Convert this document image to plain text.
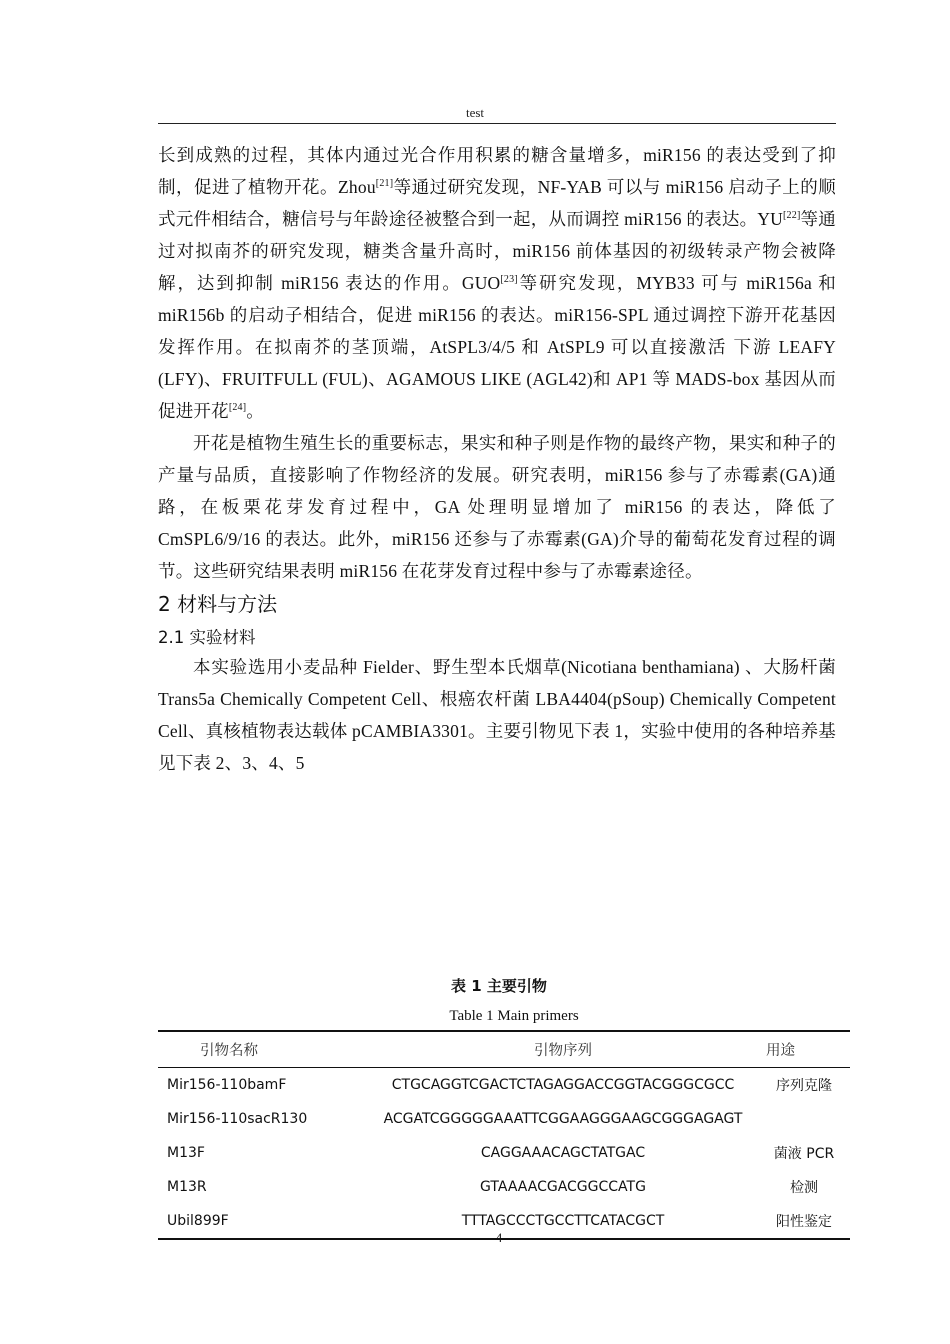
test
长到成熟的过程，其体内通过光合作用积累的糖含量增多，miR156 的表达受到了抑制，促进了植物开花。Zhou[21]等通过研究发现，NF-YAB 可以与 miR156 启动子上的顺式元件相结合，糖信号与年龄途径被整合到一起，从而调控 miR156 的表达。YU[22]等通过对拟南芥的研究发现，糖类含量升高时，miR156 前体基因的初级转录产物会被降解，达到抑制 miR156 表达的作用。GUO[23]等研究发现，MYB33 可与 miR156a 和 miR156b 的启动子相结合，促进 miR156 的表达。miR156-SPL 通过调控下游开花基因发挥作用。在拟南芥的茎顶端，AtSPL3/4/5 和 AtSPL9 可以直接激活 下游 LEAFY (LFY)、FRUITFULL (FUL)、AGAMOUS LIKE (AGL42)和 AP1 等 MADS-box 基因从而促进开花[24]。
开花是植物生殖生长的重要标志，果实和种子则是作物的最终产物，果实和种子的产量与品质，直接影响了作物经济的发展。研究表明，miR156 参与了赤霉素(GA)通路，在板栗花芽发育过程中，GA 处理明显增加了 miR156 的表达，降低了 CmSPL6/9/16 的表达。此外，miR156 还参与了赤霉素(GA)介导的葡萄花发育过程的调节。这些研究结果表明 miR156 在花芽发育过程中参与了赤霉素途径。
2 材料与方法
2.1 实验材料
本实验选用小麦品种 Fielder、野生型本氏烟草(Nicotiana benthamiana) 、大肠杆菌 Trans5a Chemically Competent Cell、根癌农杆菌 LBA4404(pSoup) Chemically Competent Cell、真核植物表达载体 pCAMBIA3301。主要引物见下表 1，实验中使用的各种培养基见下表 2、3、4、5
表 1 主要引物
Table 1 Main primers
引物名称	引物序列	用途
Mir156-110bamF	CTGCAGGTCGACTCTAGAGGACCGGTACGGGCGCC	序列克隆
Mir156-110sacR130	ACGATCGGGGGAAATTCGGAAGGGAAGCGGGAGAGT	
M13F	CAGGAAACAGCTATGAC	菌液 PCR
M13R	GTAAAACGACGGCCATG	检测
Ubil899F	TTTAGCCCTGCCTTCATACGCT	阳性鉴定
4
